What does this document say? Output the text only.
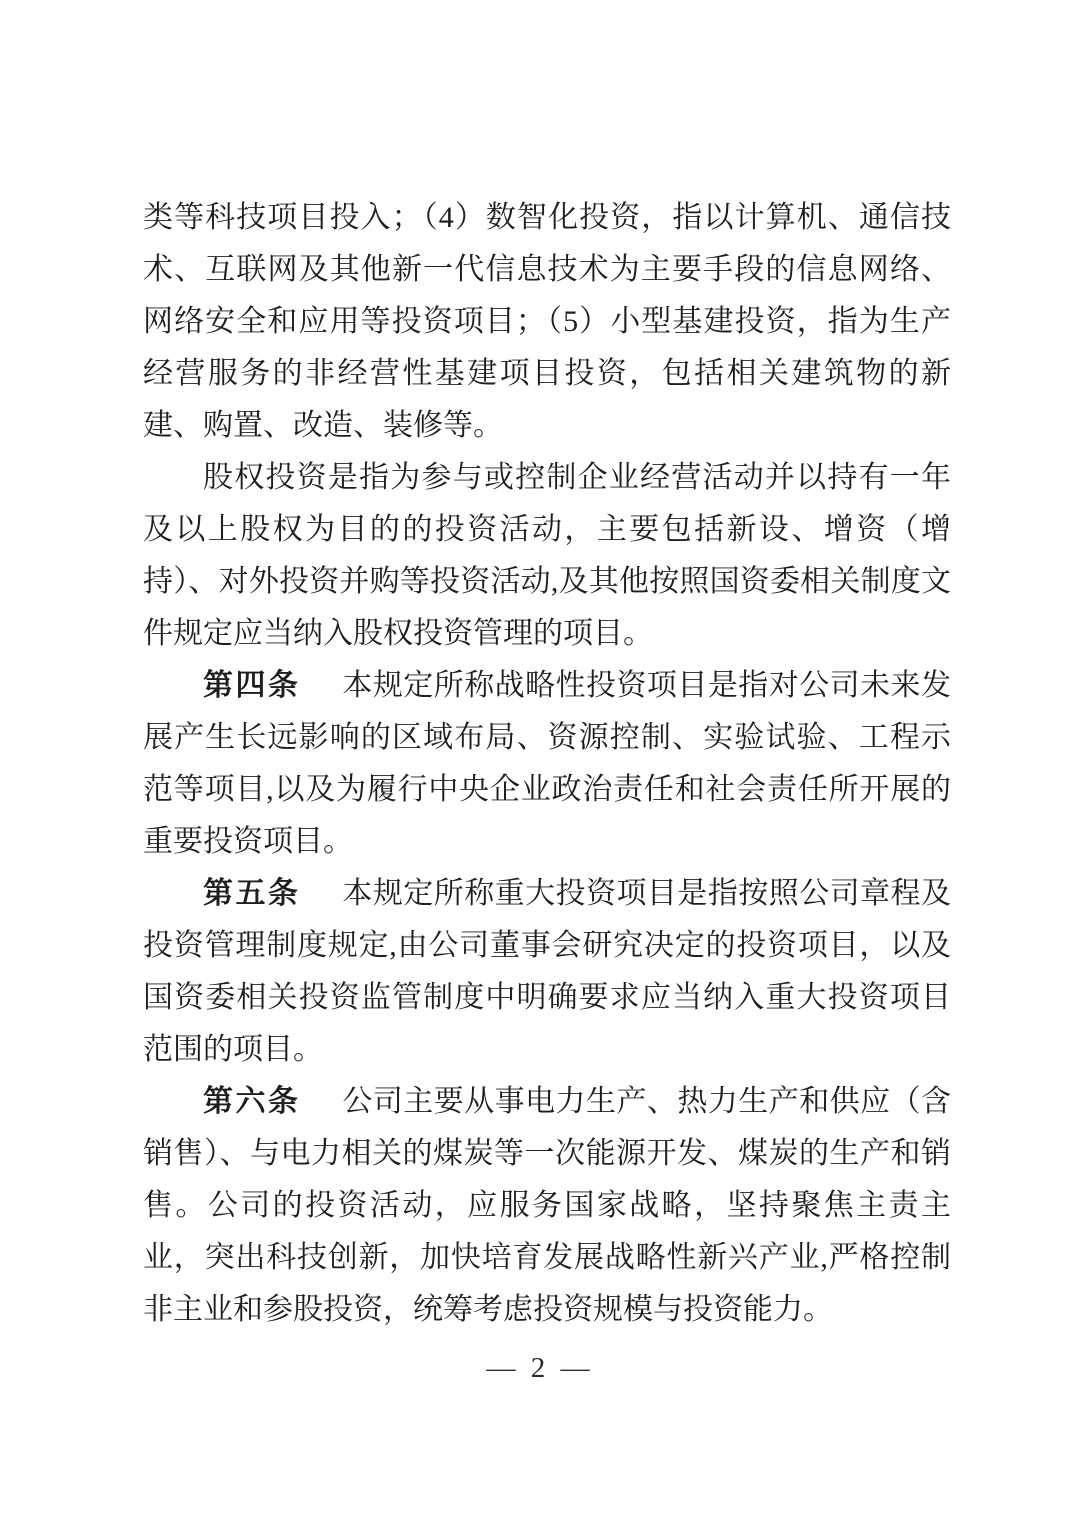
类等科技项目投入；（4）数智化投资，指以计算机、通信技术、互联网及其他新一代信息技术为主要手段的信息网络、网络安全和应用等投资项目；（5）小型基建投资，指为生产经营服务的非经营性基建项目投资，包括相关建筑物的新建、购置、改造、装修等。

股权投资是指为参与或控制企业经营活动并以持有一年及以上股权为目的的投资活动，主要包括新设、增资（增持）、对外投资并购等投资活动,及其他按照国资委相关制度文件规定应当纳入股权投资管理的项目。

第四条 本规定所称战略性投资项目是指对公司未来发展产生长远影响的区域布局、资源控制、实验试验、工程示范等项目,以及为履行中央企业政治责任和社会责任所开展的重要投资项目。

第五条 本规定所称重大投资项目是指按照公司章程及投资管理制度规定,由公司董事会研究决定的投资项目，以及国资委相关投资监管制度中明确要求应当纳入重大投资项目范围的项目。

第六条 公司主要从事电力生产、热力生产和供应（含销售）、与电力相关的煤炭等一次能源开发、煤炭的生产和销售。公司的投资活动，应服务国家战略，坚持聚焦主责主业，突出科技创新，加快培育发展战略性新兴产业,严格控制非主业和参股投资，统筹考虑投资规模与投资能力。

— 2 —
